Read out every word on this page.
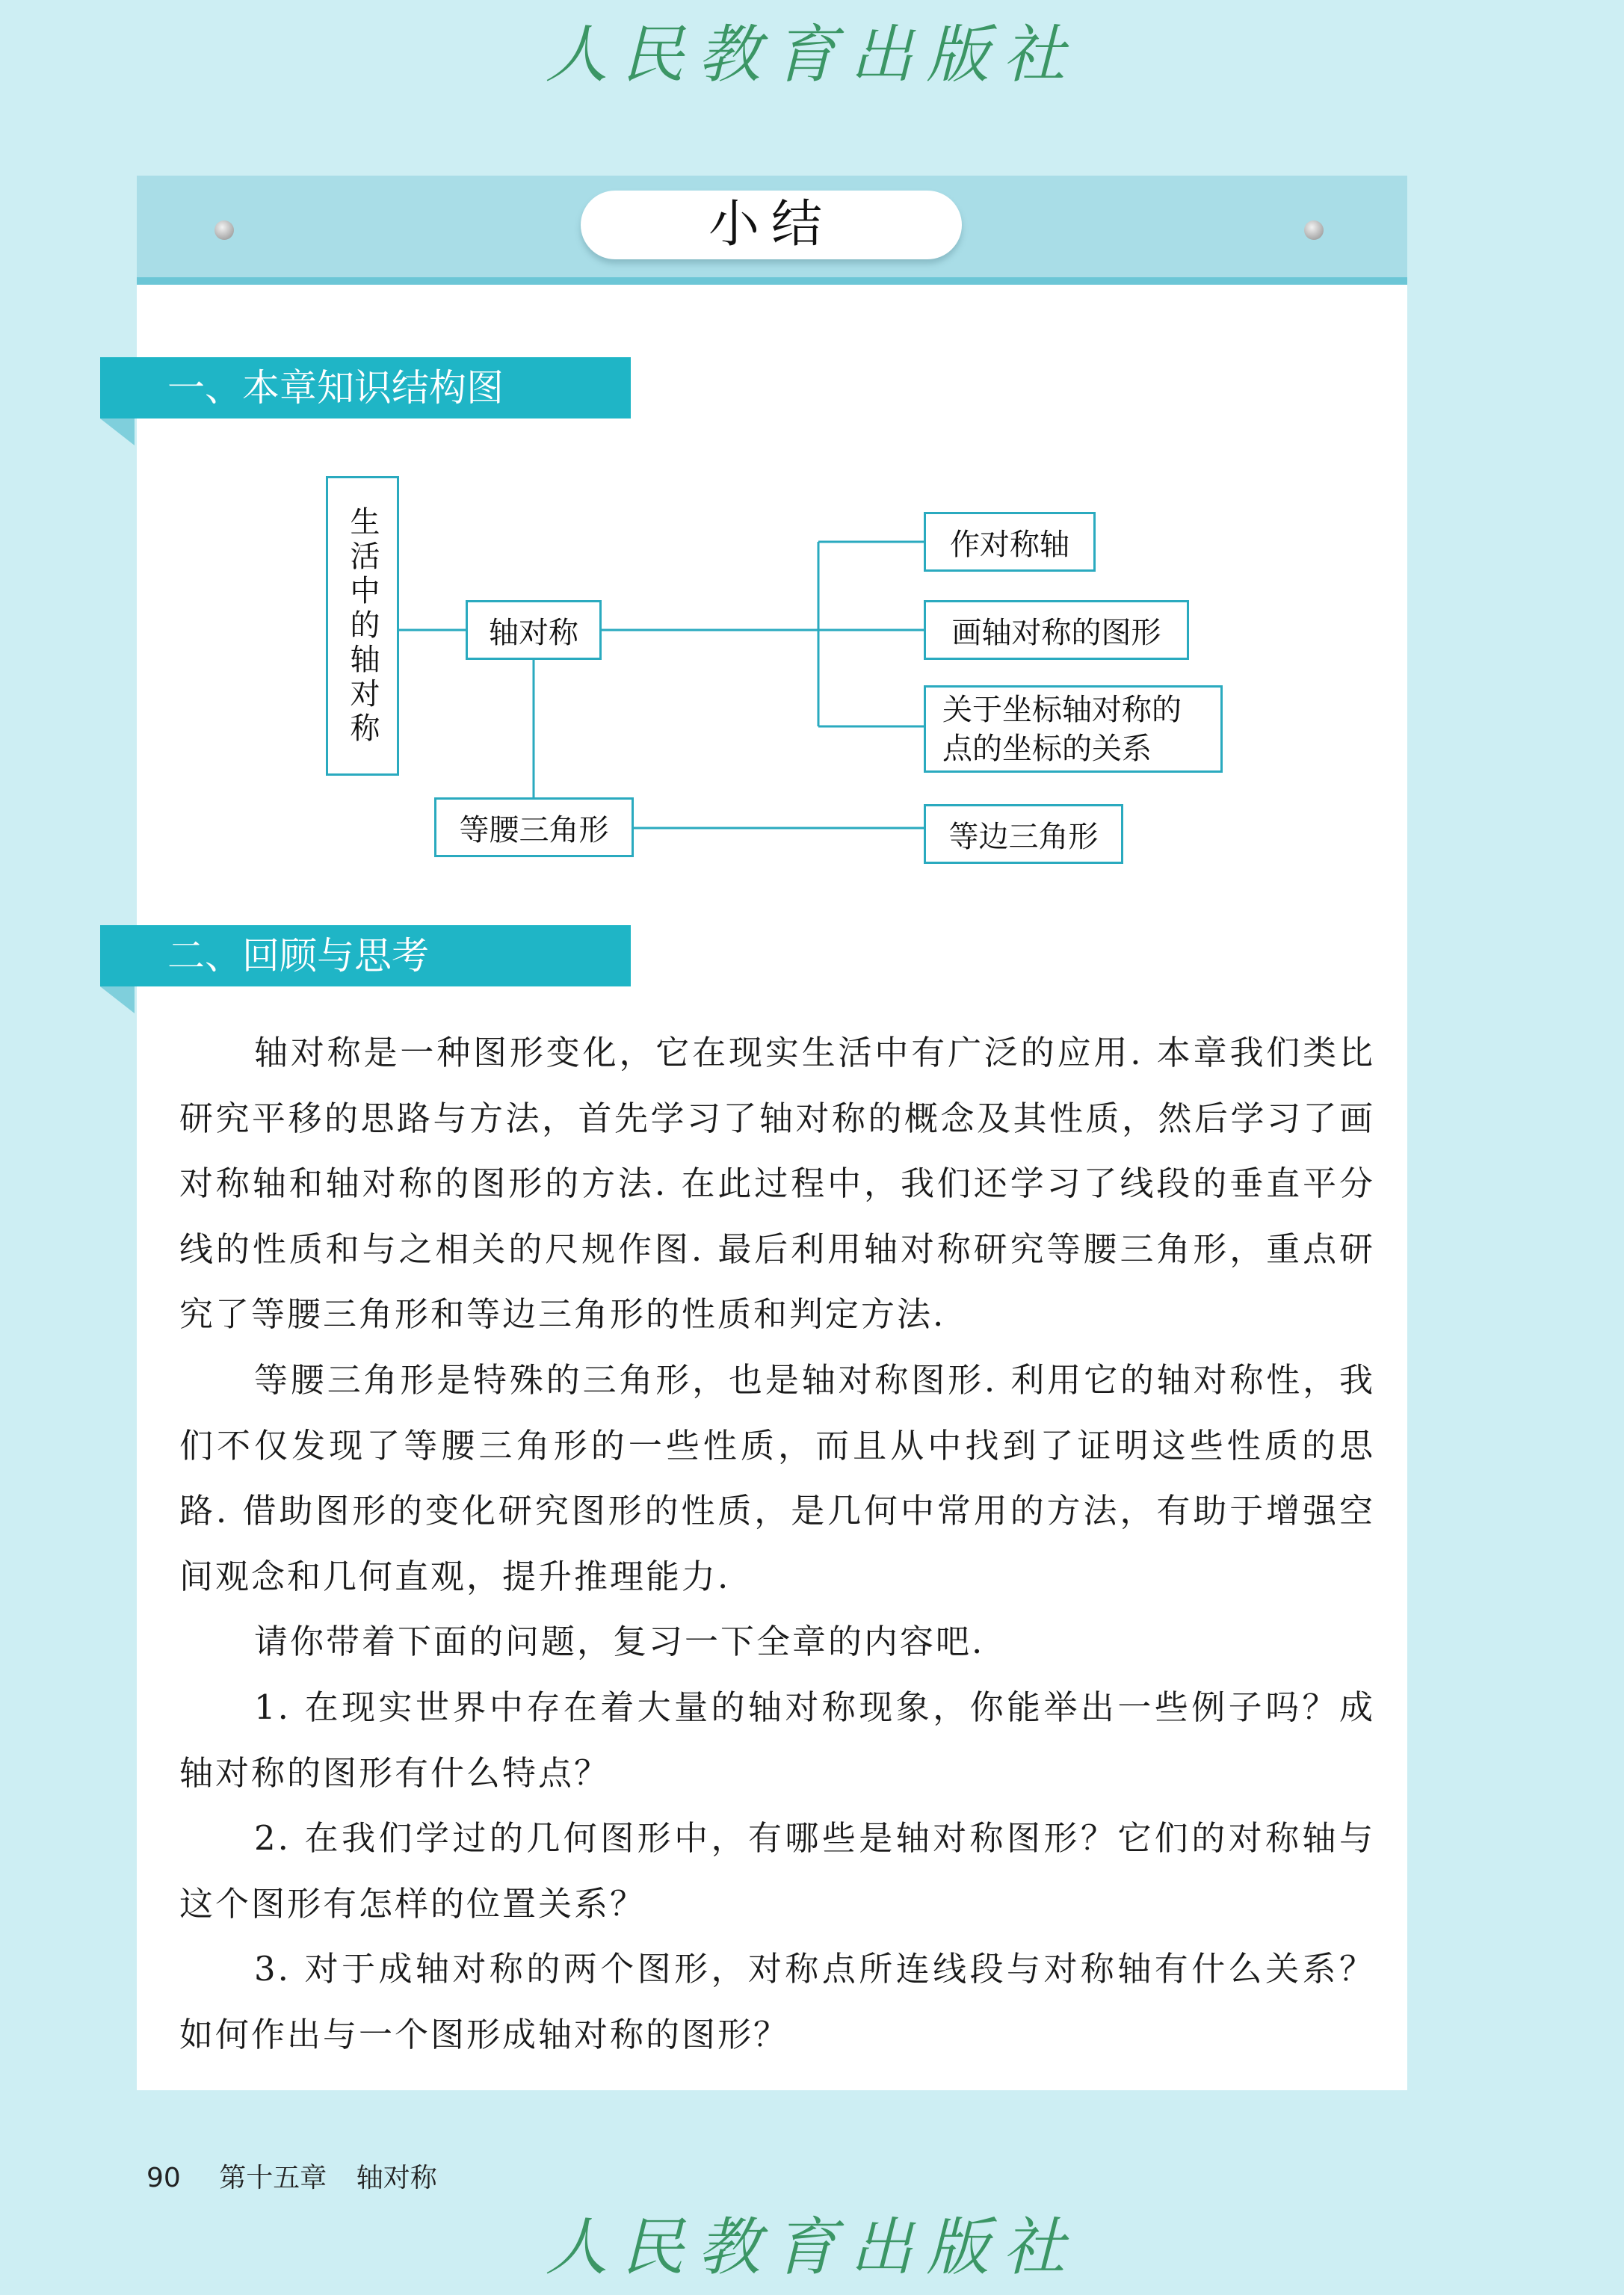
人民教育出版社
小结
一、本章知识结构图
生活中的轴对称	轴对称
作对称轴
画轴对称的图形
关于坐标轴对称的
点的坐标的关系
等腰三角形	等边三角形
二、回顾与思考

轴对称是一种图形变化，它在现实生活中有广泛的应用. 本章我们类比研究平移的思路与方法，首先学习了轴对称的概念及其性质，然后学习了画对称轴和轴对称的图形的方法. 在此过程中，我们还学习了线段的垂直平分线的性质和与之相关的尺规作图. 最后利用轴对称研究等腰三角形，重点研究了等腰三角形和等边三角形的性质和判定方法.

等腰三角形是特殊的三角形，也是轴对称图形. 利用它的轴对称性，我们不仅发现了等腰三角形的一些性质，而且从中找到了证明这些性质的思路. 借助图形的变化研究图形的性质，是几何中常用的方法，有助于增强空间观念和几何直观，提升推理能力.

请你带着下面的问题，复习一下全章的内容吧.

1. 在现实世界中存在着大量的轴对称现象，你能举出一些例子吗？成轴对称的图形有什么特点？

2. 在我们学过的几何图形中，有哪些是轴对称图形？它们的对称轴与这个图形有怎样的位置关系？

3. 对于成轴对称的两个图形，对称点所连线段与对称轴有什么关系？如何作出与一个图形成轴对称的图形？

90 第十五章 轴对称
人民教育出版社
